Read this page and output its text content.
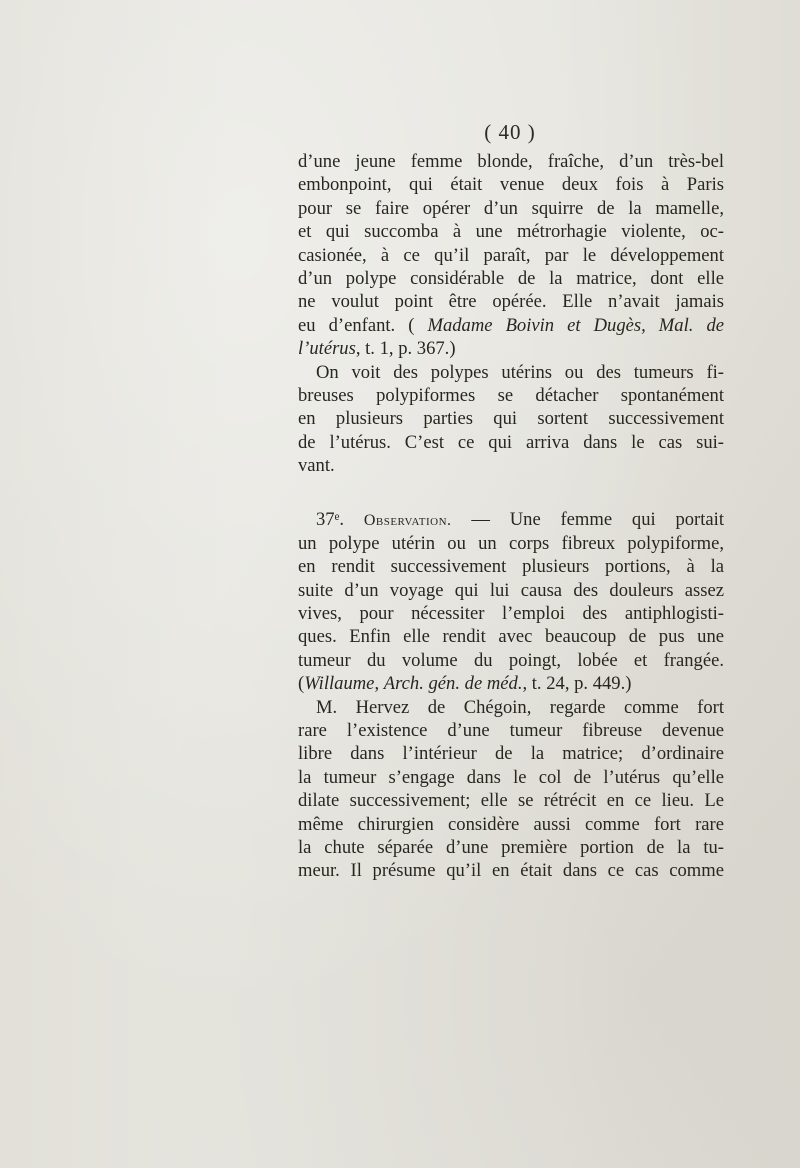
( 40 )
d’une jeune femme blonde, fraîche, d’un très-bel
embonpoint, qui était venue deux fois à Paris
pour se faire opérer d’un squirre de la mamelle,
et qui succomba à une métrorhagie violente, oc-
casionée, à ce qu’il paraît, par le développement
d’un polype considérable de la matrice, dont elle
ne voulut point être opérée. Elle n’avait jamais
eu d’enfant. ( Madame Boivin et Dugès, Mal. de
l’utérus, t. 1, p. 367.)
On voit des polypes utérins ou des tumeurs fi-
breuses polypiformes se détacher spontanément
en plusieurs parties qui sortent successivement
de l’utérus. C’est ce qui arriva dans le cas sui-
vant.
37ᵉ. Observation. — Une femme qui portait
un polype utérin ou un corps fibreux polypiforme,
en rendit successivement plusieurs portions, à la
suite d’un voyage qui lui causa des douleurs assez
vives, pour nécessiter l’emploi des antiphlogisti-
ques. Enfin elle rendit avec beaucoup de pus une
tumeur du volume du poingt, lobée et frangée.
(Willaume, Arch. gén. de méd., t. 24, p. 449.)
M. Hervez de Chégoin, regarde comme fort
rare l’existence d’une tumeur fibreuse devenue
libre dans l’intérieur de la matrice; d’ordinaire
la tumeur s’engage dans le col de l’utérus qu’elle
dilate successivement; elle se rétrécit en ce lieu. Le
même chirurgien considère aussi comme fort rare
la chute séparée d’une première portion de la tu-
meur. Il présume qu’il en était dans ce cas comme
